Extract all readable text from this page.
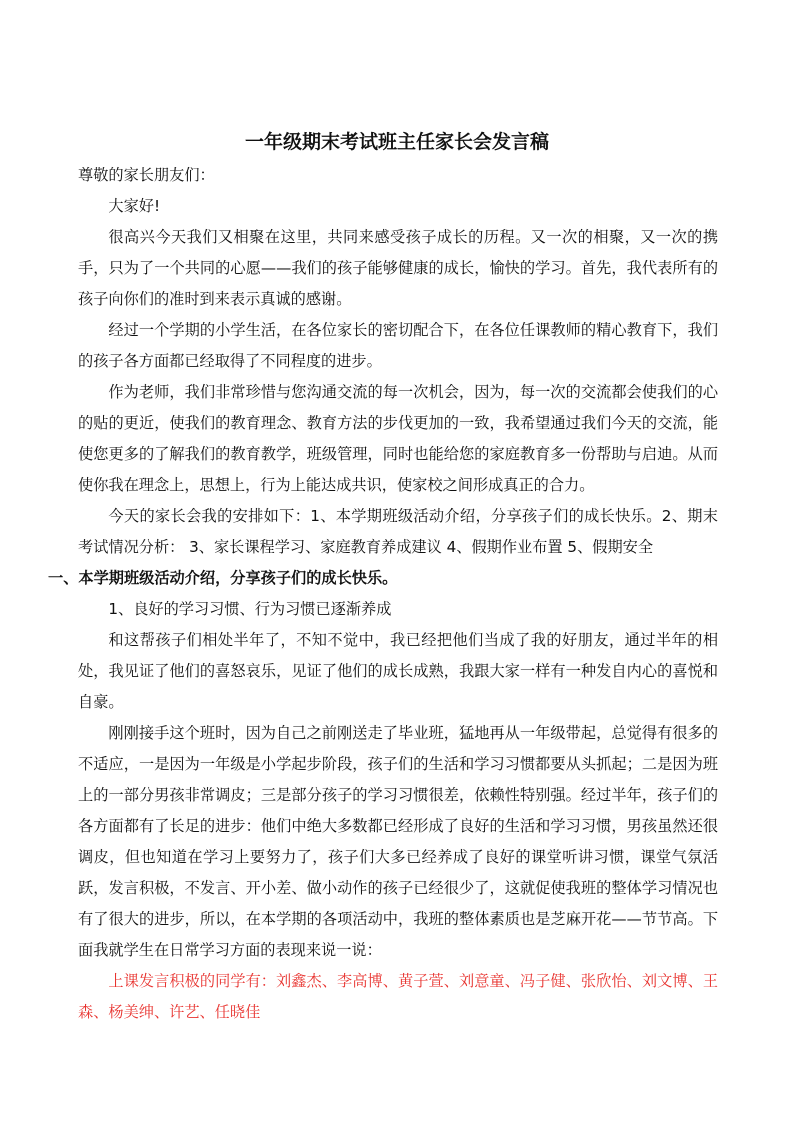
一年级期末考试班主任家长会发言稿

尊敬的家长朋友们：

大家好!

很高兴今天我们又相聚在这里，共同来感受孩子成长的历程。又一次的相聚，又一次的携手，只为了一个共同的心愿——我们的孩子能够健康的成长，愉快的学习。首先，我代表所有的孩子向你们的准时到来表示真诚的感谢。

经过一个学期的小学生活，在各位家长的密切配合下，在各位任课教师的精心教育下，我们的孩子各方面都已经取得了不同程度的进步。

作为老师，我们非常珍惜与您沟通交流的每一次机会，因为，每一次的交流都会使我们的心的贴的更近，使我们的教育理念、教育方法的步伐更加的一致，我希望通过我们今天的交流，能使您更多的了解我们的教育教学，班级管理，同时也能给您的家庭教育多一份帮助与启迪。从而使你我在理念上，思想上，行为上能达成共识，使家校之间形成真正的合力。

今天的家长会我的安排如下：1、本学期班级活动介绍，分享孩子们的成长快乐。2、期末考试情况分析： 3、家长课程学习、家庭教育养成建议 4、假期作业布置 5、假期安全

一、本学期班级活动介绍，分享孩子们的成长快乐。

1、良好的学习习惯、行为习惯已逐渐养成

和这帮孩子们相处半年了，不知不觉中，我已经把他们当成了我的好朋友，通过半年的相处，我见证了他们的喜怒哀乐，见证了他们的成长成熟，我跟大家一样有一种发自内心的喜悦和自豪。

刚刚接手这个班时，因为自己之前刚送走了毕业班，猛地再从一年级带起，总觉得有很多的不适应，一是因为一年级是小学起步阶段，孩子们的生活和学习习惯都要从头抓起；二是因为班上的一部分男孩非常调皮；三是部分孩子的学习习惯很差，依赖性特别强。经过半年，孩子们的各方面都有了长足的进步：他们中绝大多数都已经形成了良好的生活和学习习惯，男孩虽然还很调皮，但也知道在学习上要努力了，孩子们大多已经养成了良好的课堂听讲习惯，课堂气氛活跃，发言积极，不发言、开小差、做小动作的孩子已经很少了，这就促使我班的整体学习情况也有了很大的进步，所以，在本学期的各项活动中，我班的整体素质也是芝麻开花——节节高。下面我就学生在日常学习方面的表现来说一说：

上课发言积极的同学有：刘鑫杰、李高博、黄子萱、刘意童、冯子健、张欣怡、刘文博、王森、杨美绅、许艺、任晓佳
